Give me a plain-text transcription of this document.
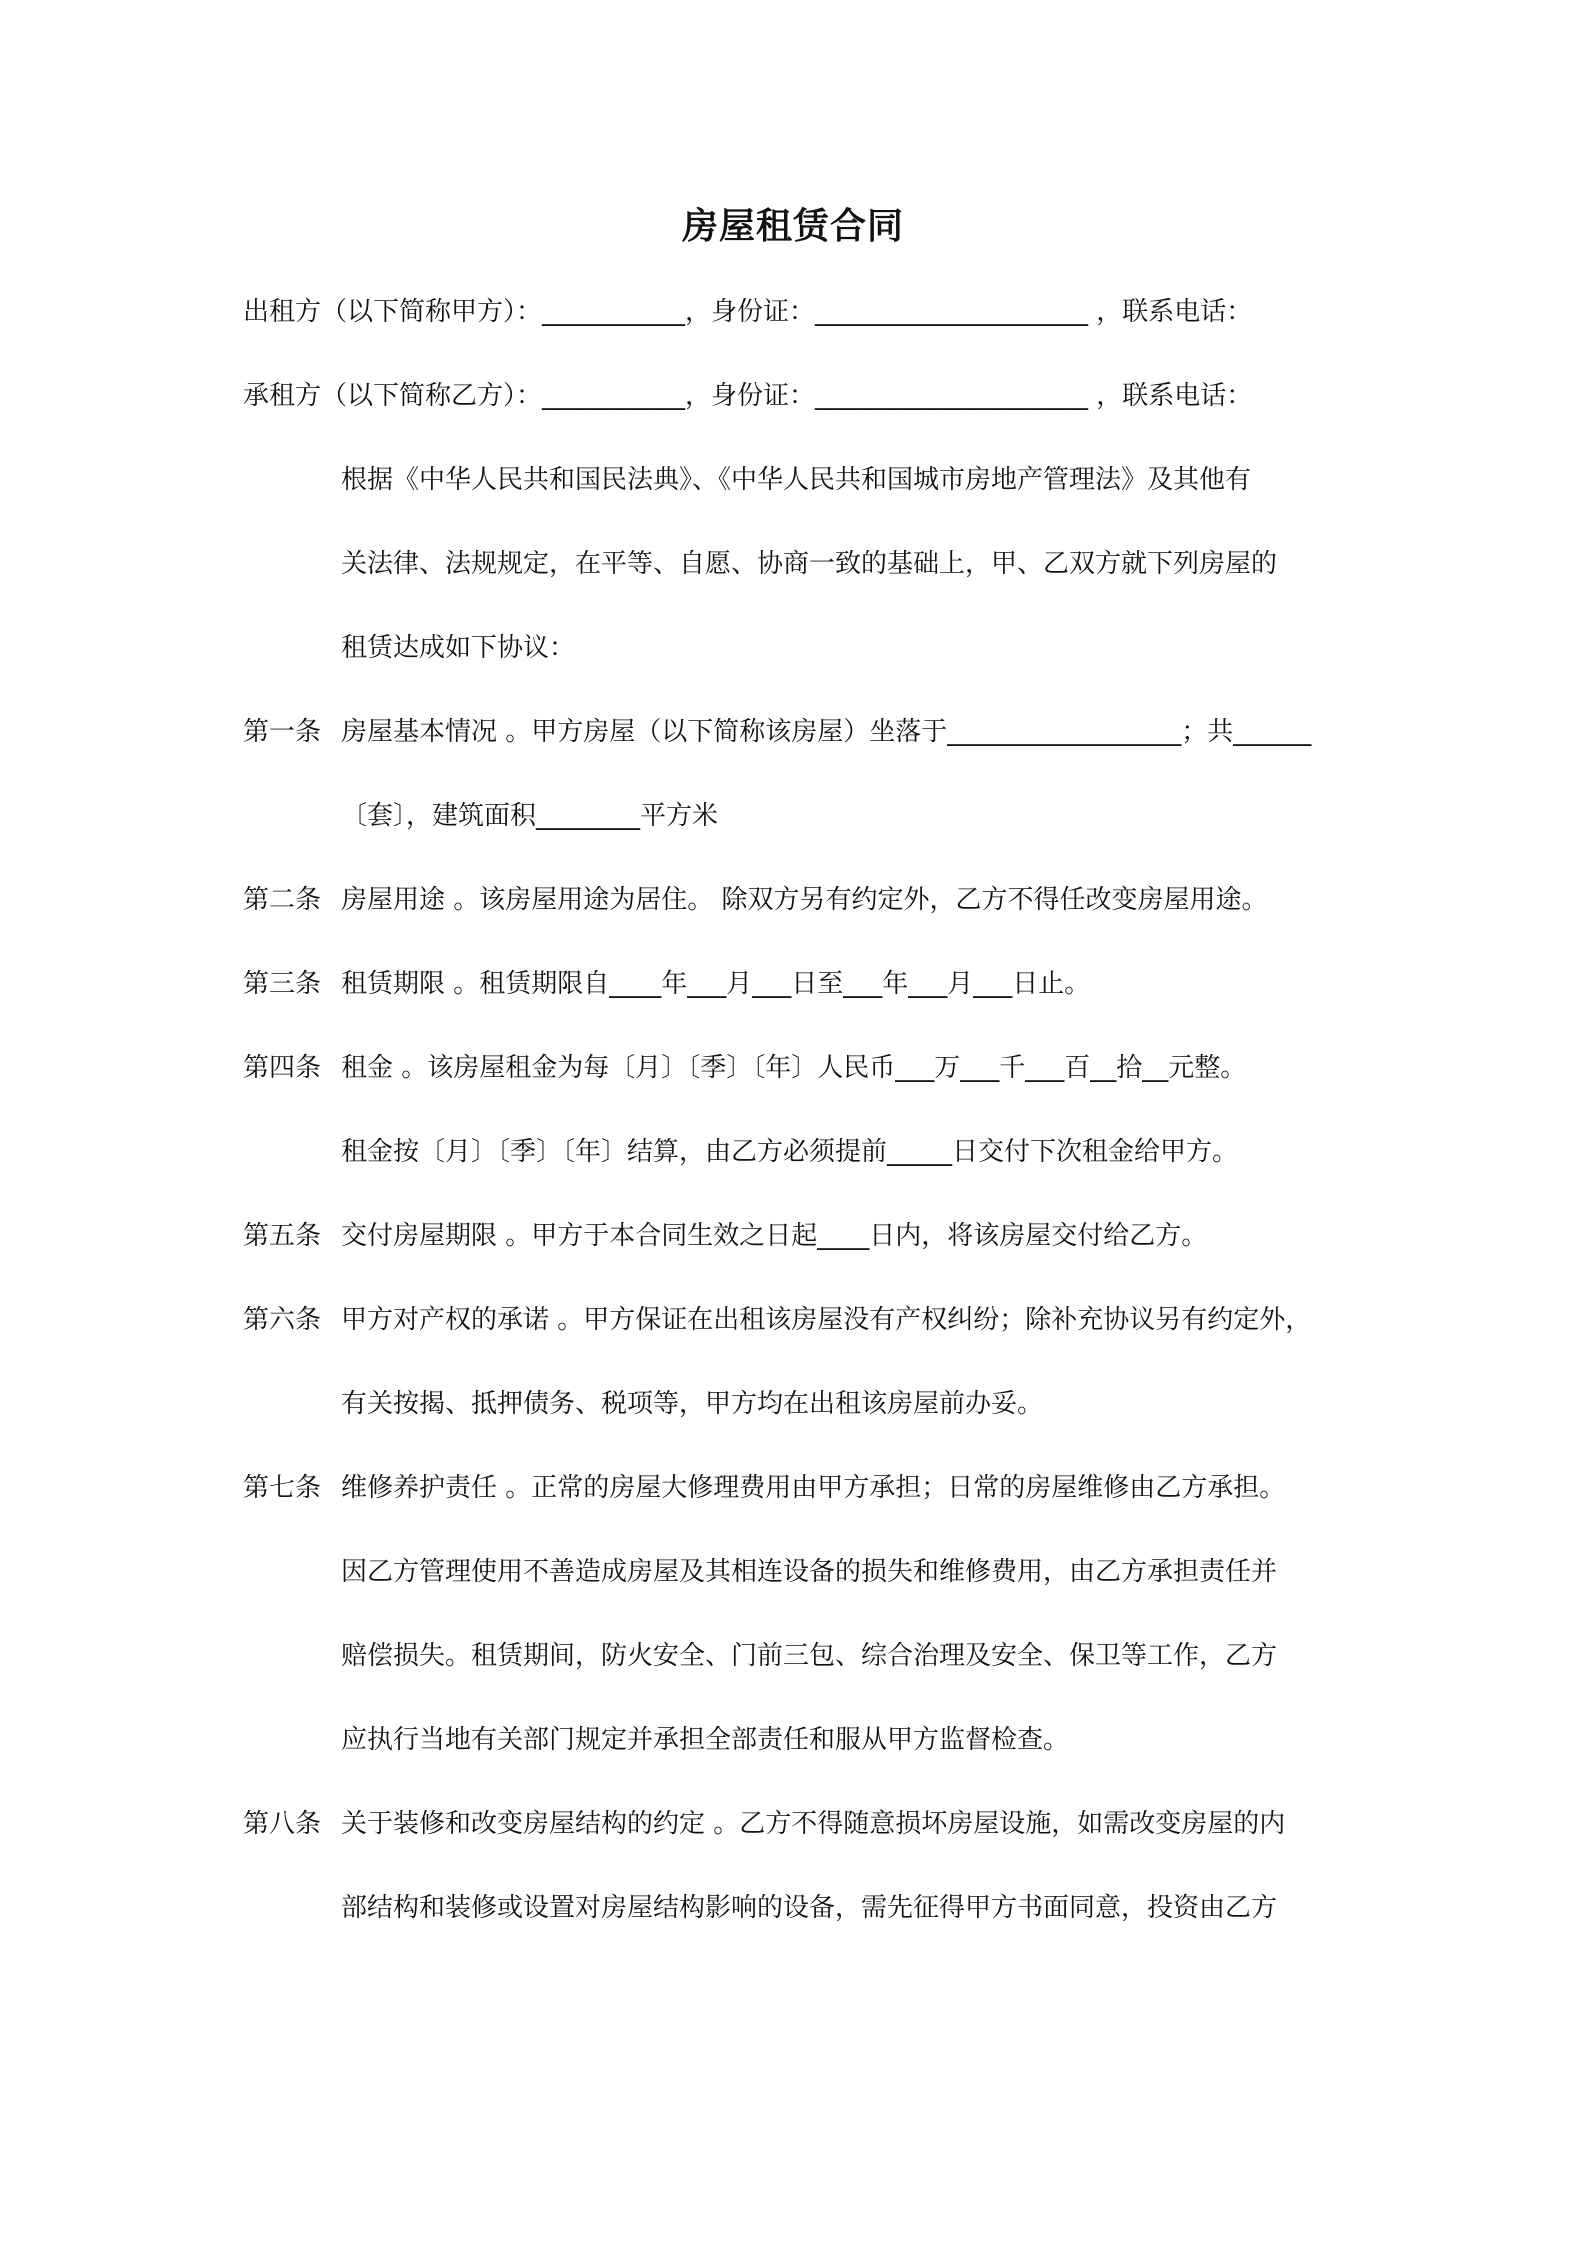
房屋租赁合同
出租方（以下简称甲方）：___________，身份证：_____________________ ，联系电话：
承租方（以下简称乙方）：___________，身份证：_____________________ ，联系电话：
根据《中华人民共和国民法典》、《中华人民共和国城市房地产管理法》及其他有
关法律、法规规定，在平等、自愿、协商一致的基础上，甲、乙双方就下列房屋的
租赁达成如下协议：
第一条 房屋基本情况 。甲方房屋（以下简称该房屋）坐落于__________________；共______
〔套〕，建筑面积________平方米
第二条 房屋用途 。该房屋用途为居住。 除双方另有约定外，乙方不得任改变房屋用途。
第三条 租赁期限 。租赁期限自____年___月___日至___年___月___日止。
第四条 租金 。该房屋租金为每〔月〕〔季〕〔年〕人民币___万___千___百__拾__元整。
租金按〔月〕〔季〕〔年〕结算，由乙方必须提前_____日交付下次租金给甲方。
第五条 交付房屋期限 。甲方于本合同生效之日起____日内，将该房屋交付给乙方。
第六条 甲方对产权的承诺 。甲方保证在出租该房屋没有产权纠纷；除补充协议另有约定外，
有关按揭、抵押债务、税项等，甲方均在出租该房屋前办妥。
第七条 维修养护责任 。正常的房屋大修理费用由甲方承担；日常的房屋维修由乙方承担。
因乙方管理使用不善造成房屋及其相连设备的损失和维修费用，由乙方承担责任并
赔偿损失。租赁期间，防火安全、门前三包、综合治理及安全、保卫等工作，乙方
应执行当地有关部门规定并承担全部责任和服从甲方监督检查。
第八条 关于装修和改变房屋结构的约定 。乙方不得随意损坏房屋设施，如需改变房屋的内
部结构和装修或设置对房屋结构影响的设备，需先征得甲方书面同意，投资由乙方
